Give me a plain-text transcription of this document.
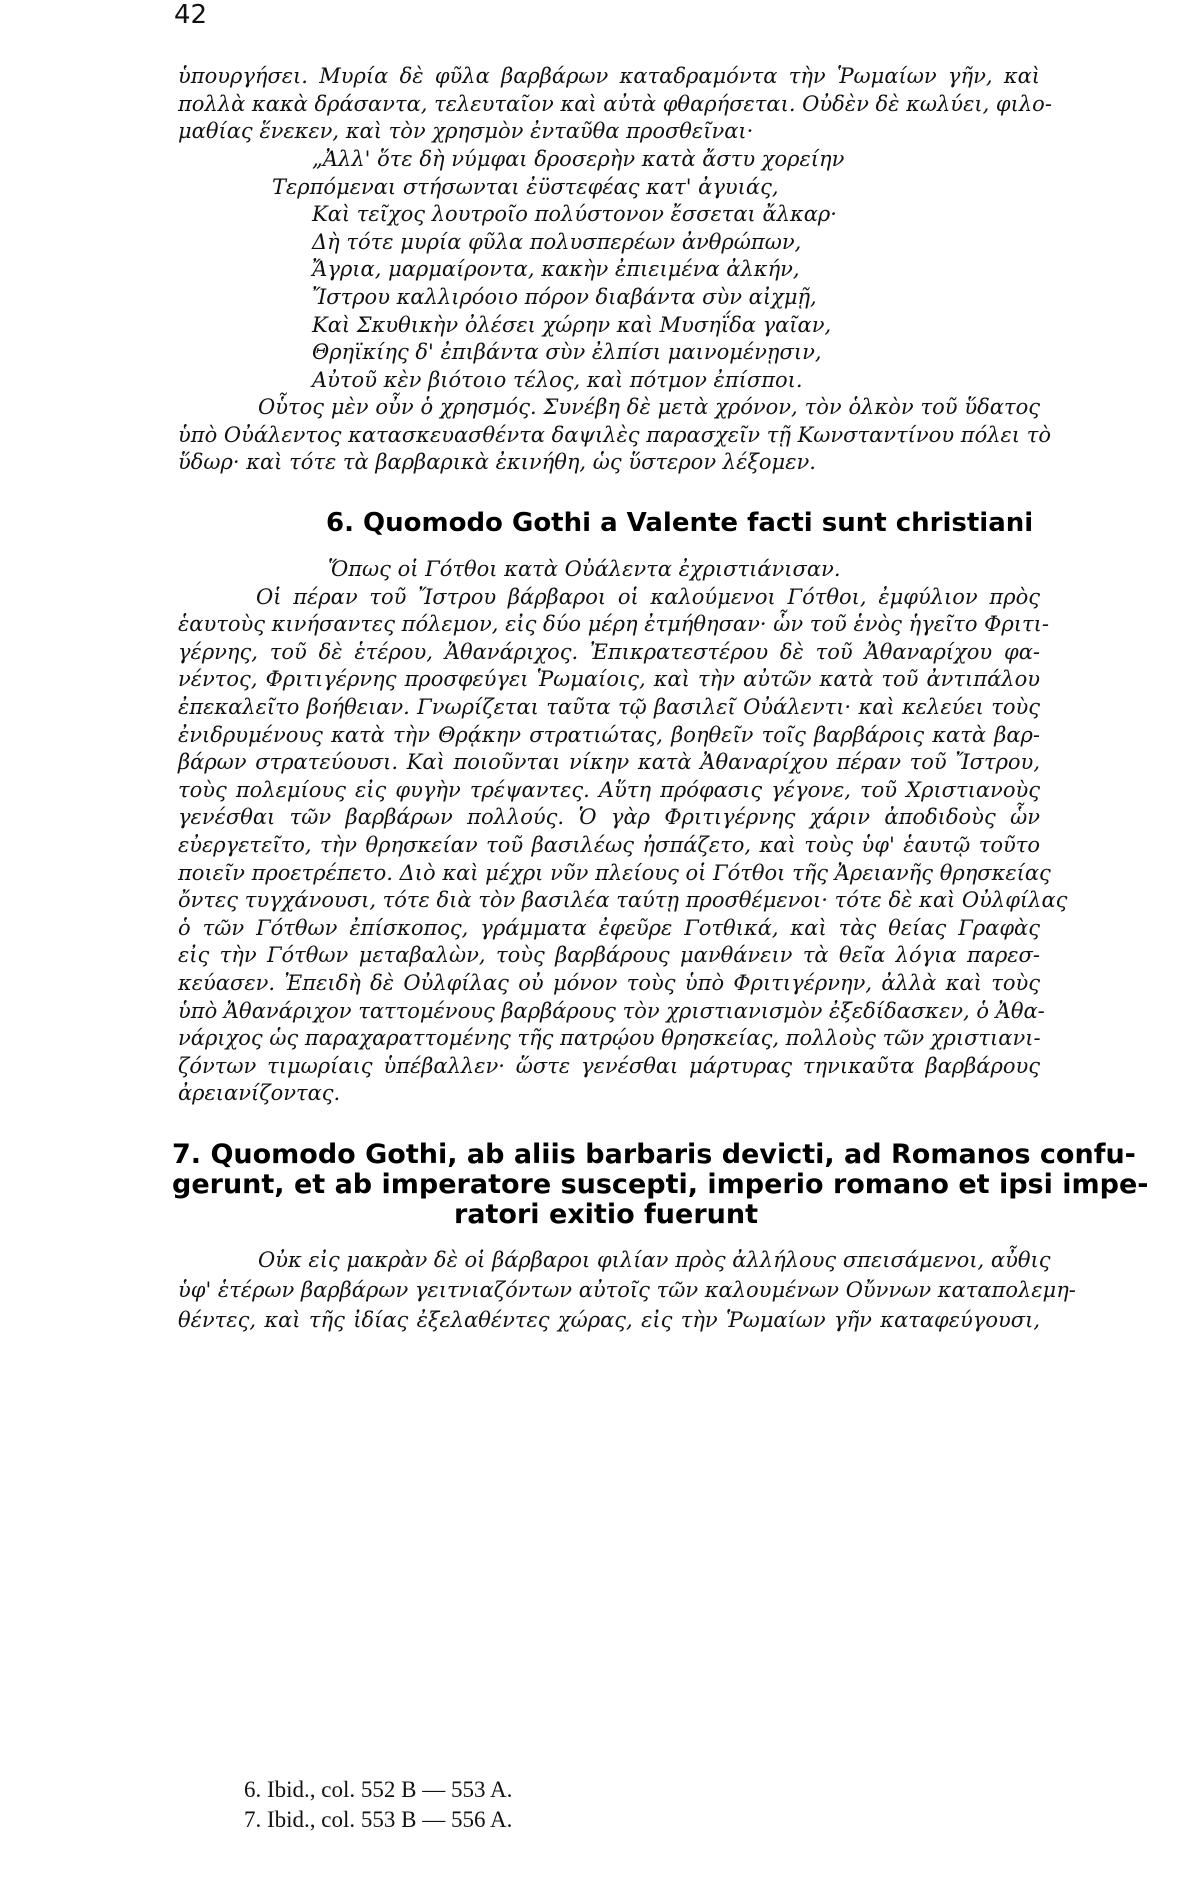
42
ὑπουργήσει. Μυρία δὲ φῦλα βαρβάρων καταδραμόντα τὴν Ῥωμαίων γῆν, καὶ
πολλὰ κακὰ δράσαντα, τελευταῖον καὶ αὐτὰ φθαρήσεται. Οὐδὲν δὲ κωλύει, φιλο-
μαθίας ἕνεκεν, καὶ τὸν χρησμὸν ἐνταῦθα προσθεῖναι·
„Ἀλλ' ὅτε δὴ νύμφαι δροσερὴν κατὰ ἄστυ χορείην
Τερπόμεναι στήσωνται ἐϋστεφέας κατ' ἀγυιάς,
Καὶ τεῖχος λουτροῖο πολύστονον ἔσσεται ἄλκαρ·
Δὴ τότε μυρία φῦλα πολυσπερέων ἀνθρώπων,
Ἄγρια, μαρμαίροντα, κακὴν ἐπιειμένα ἀλκήν,
Ἴστρου καλλιρόοιο πόρον διαβάντα σὺν αἰχμῇ,
Καὶ Σκυθικὴν ὀλέσει χώρην καὶ Μυσηΐδα γαῖαν,
Θρηϊκίης δ' ἐπιβάντα σὺν ἐλπίσι μαινομένῃσιν,
Αὐτοῦ κὲν βιότοιο τέλος, καὶ πότμον ἐπίσποι.
Οὗτος μὲν οὖν ὁ χρησμός. Συνέβη δὲ μετὰ χρόνον, τὸν ὁλκὸν τοῦ ὕδατος
ὑπὸ Οὐάλεντος κατασκευασθέντα δαψιλὲς παρασχεῖν τῇ Κωνσταντίνου πόλει τὸ
ὕδωρ· καὶ τότε τὰ βαρβαρικὰ ἐκινήθη, ὡς ὕστερον λέξομεν.
6. Quomodo Gothi a Valente facti sunt christiani
Ὅπως οἱ Γότθοι κατὰ Οὐάλεντα ἐχριστιάνισαν.
Οἱ πέραν τοῦ Ἴστρου βάρβαροι οἱ καλούμενοι Γότθοι, ἐμφύλιον πρὸς
ἑαυτοὺς κινήσαντες πόλεμον, εἰς δύο μέρη ἐτμήθησαν· ὧν τοῦ ἑνὸς ἡγεῖτο Φριτι-
γέρνης, τοῦ δὲ ἑτέρου, Ἀθανάριχος. Ἐπικρατεστέρου δὲ τοῦ Ἀθαναρίχου φα-
νέντος, Φριτιγέρνης προσφεύγει Ῥωμαίοις, καὶ τὴν αὐτῶν κατὰ τοῦ ἀντιπάλου
ἐπεκαλεῖτο βοήθειαν. Γνωρίζεται ταῦτα τῷ βασιλεῖ Οὐάλεντι· καὶ κελεύει τοὺς
ἐνιδρυμένους κατὰ τὴν Θρᾴκην στρατιώτας, βοηθεῖν τοῖς βαρβάροις κατὰ βαρ-
βάρων στρατεύουσι. Καὶ ποιοῦνται νίκην κατὰ Ἀθαναρίχου πέραν τοῦ Ἴστρου,
τοὺς πολεμίους εἰς φυγὴν τρέψαντες. Αὕτη πρόφασις γέγονε, τοῦ Χριστιανοὺς
γενέσθαι τῶν βαρβάρων πολλούς. Ὁ γὰρ Φριτιγέρνης χάριν ἀποδιδοὺς ὧν
εὐεργετεῖτο, τὴν θρησκείαν τοῦ βασιλέως ἠσπάζετο, καὶ τοὺς ὑφ' ἑαυτῷ τοῦτο
ποιεῖν προετρέπετο. Διὸ καὶ μέχρι νῦν πλείους οἱ Γότθοι τῆς Ἀρειανῆς θρησκείας
ὄντες τυγχάνουσι, τότε διὰ τὸν βασιλέα ταύτῃ προσθέμενοι· τότε δὲ καὶ Οὐλφίλας
ὁ τῶν Γότθων ἐπίσκοπος, γράμματα ἐφεῦρε Γοτθικά, καὶ τὰς θείας Γραφὰς
εἰς τὴν Γότθων μεταβαλὼν, τοὺς βαρβάρους μανθάνειν τὰ θεῖα λόγια παρεσ-
κεύασεν. Ἐπειδὴ δὲ Οὐλφίλας οὐ μόνον τοὺς ὑπὸ Φριτιγέρνην, ἀλλὰ καὶ τοὺς
ὑπὸ Ἀθανάριχον ταττομένους βαρβάρους τὸν χριστιανισμὸν ἐξεδίδασκεν, ὁ Ἀθα-
νάριχος ὡς παραχαραττομένης τῆς πατρῴου θρησκείας, πολλοὺς τῶν χριστιανι-
ζόντων τιμωρίαις ὑπέβαλλεν· ὥστε γενέσθαι μάρτυρας τηνικαῦτα βαρβάρους
ἀρειανίζοντας.
7. Quomodo Gothi, ab aliis barbaris devicti, ad Romanos confu-
gerunt, et ab imperatore suscepti, imperio romano et ipsi impe-
ratori exitio fuerunt
Οὐκ εἰς μακρὰν δὲ οἱ βάρβαροι φιλίαν πρὸς ἀλλήλους σπεισάμενοι, αὖθις
ὑφ' ἑτέρων βαρβάρων γειτνιαζόντων αὐτοῖς τῶν καλουμένων Οὔννων καταπολεμη-
θέντες, καὶ τῆς ἰδίας ἐξελαθέντες χώρας, εἰς τὴν Ῥωμαίων γῆν καταφεύγουσι,
6. Ibid., col. 552 B — 553 A.
7. Ibid., col. 553 B — 556 A.
